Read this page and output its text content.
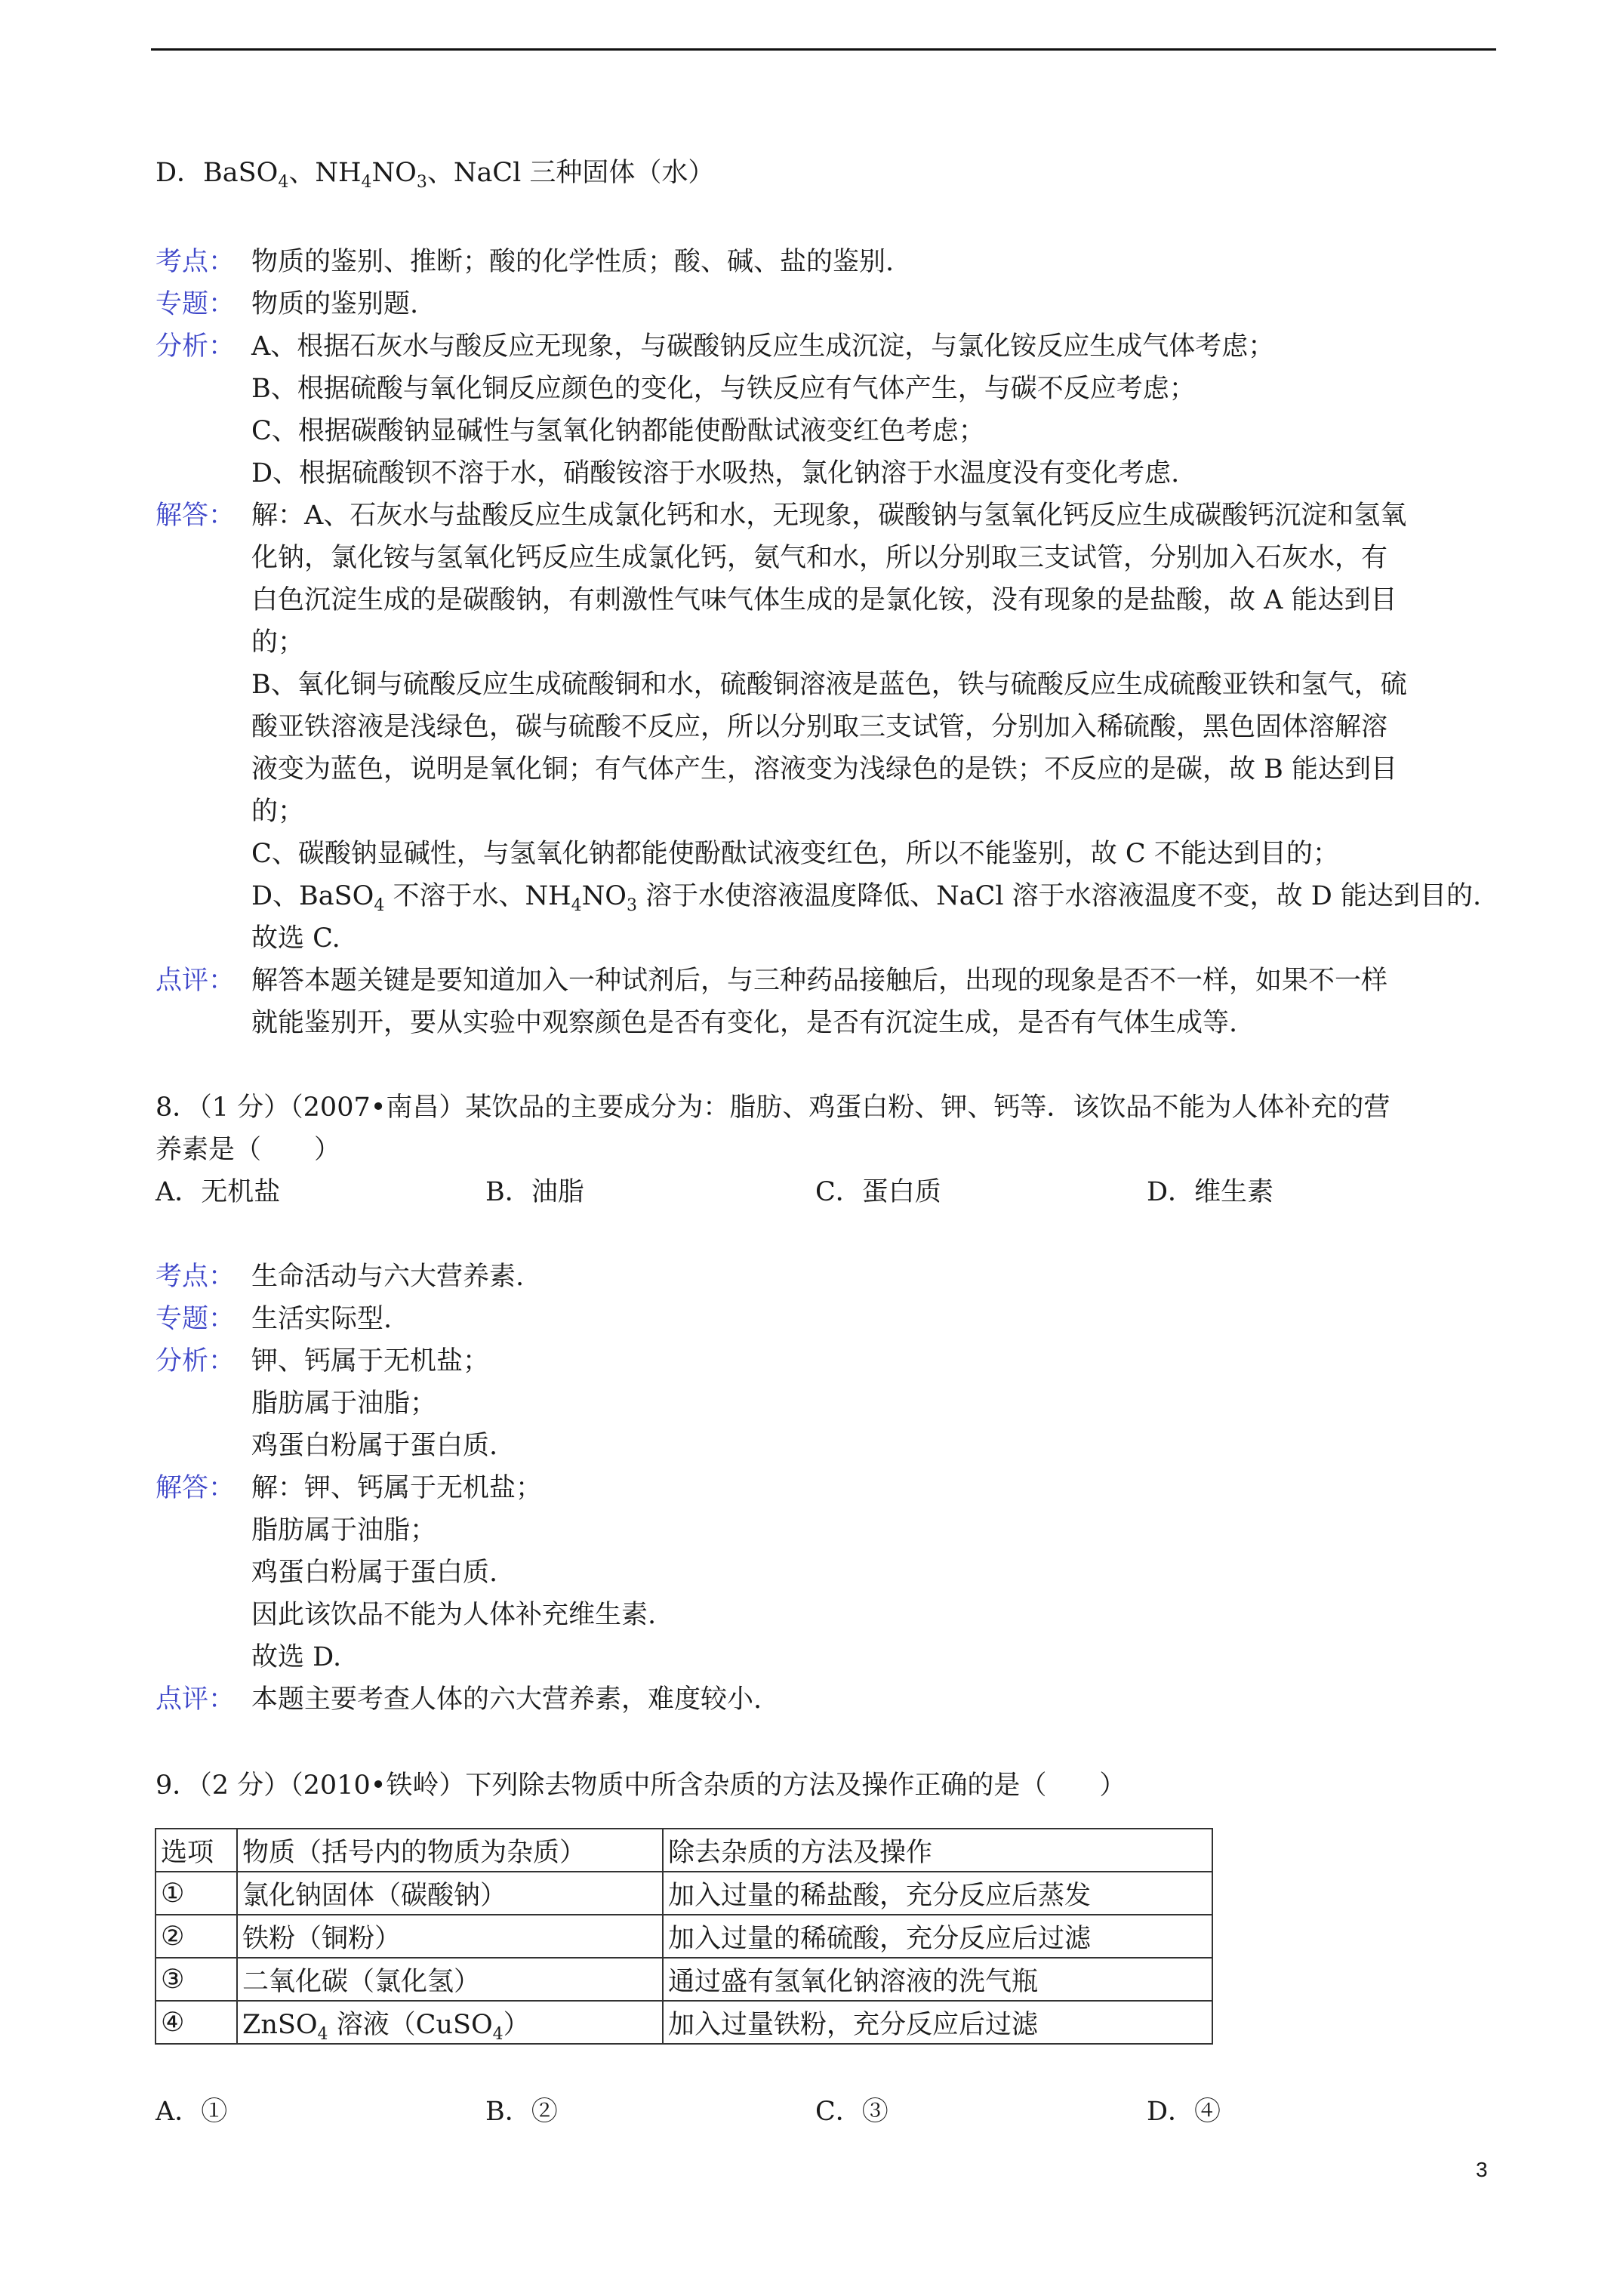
D．BaSO$_4$、$NH_4NO_3$、NaCl 三种固体（水）
考点： 物质的鉴别、推断；酸的化学性质；酸、碱、盐的鉴别.
专题： 物质的鉴别题.
分析： A、根据石灰水与酸反应无现象，与碳酸钠反应生成沉淀，与氯化铵反应生成气体考虑；
B、根据硫酸与氧化铜反应颜色的变化，与铁反应有气体产生，与碳不反应考虑；
C、根据碳酸钠显碱性与氢氧化钠都能使酚酞试液变红色考虑；
D、根据硫酸钡不溶于水，硝酸铵溶于水吸热，氯化钠溶于水温度没有变化考虑.
解答： 解：A、石灰水与盐酸反应生成氯化钙和水，无现象，碳酸钠与氢氧化钙反应生成碳酸钙沉淀和氢氧
化钠，氯化铵与氢氧化钙反应生成氯化钙，氨气和水，所以分别取三支试管，分别加入石灰水，有
白色沉淀生成的是碳酸钠，有刺激性气味气体生成的是氯化铵，没有现象的是盐酸，故 A 能达到目
的；
B、氧化铜与硫酸反应生成硫酸铜和水，硫酸铜溶液是蓝色，铁与硫酸反应生成硫酸亚铁和氢气，硫
酸亚铁溶液是浅绿色，碳与硫酸不反应，所以分别取三支试管，分别加入稀硫酸，黑色固体溶解溶
液变为蓝色，说明是氧化铜；有气体产生，溶液变为浅绿色的是铁；不反应的是碳，故 B 能达到目
的；
C、碳酸钠显碱性，与氢氧化钠都能使酚酞试液变红色，所以不能鉴别，故 C 不能达到目的；
D、BaSO$_4$ 不溶于水、$NH_4NO_3$ 溶于水使溶液温度降低、NaCl 溶于水溶液温度不变，故 D 能达到目的.
故选 C.
点评： 解答本题关键是要知道加入一种试剂后，与三种药品接触后，出现的现象是否不一样，如果不一样
就能鉴别开，要从实验中观察颜色是否有变化，是否有沉淀生成，是否有气体生成等.
8．（1 分）（2007•南昌）某饮品的主要成分为：脂肪、鸡蛋白粉、钾、钙等．该饮品不能为人体补充的营
养素是（　　）
A．无机盐	B．油脂	C．蛋白质	D．维生素
考点： 生命活动与六大营养素.
专题： 生活实际型.
分析： 钾、钙属于无机盐；
脂肪属于油脂；
鸡蛋白粉属于蛋白质.
解答： 解：钾、钙属于无机盐；
脂肪属于油脂；
鸡蛋白粉属于蛋白质.
因此该饮品不能为人体补充维生素.
故选 D.
点评： 本题主要考查人体的六大营养素，难度较小.
9．（2 分）（2010•铁岭）下列除去物质中所含杂质的方法及操作正确的是（　　）
选项	物质（括号内的物质为杂质）	除去杂质的方法及操作
①	氯化钠固体（碳酸钠）	加入过量的稀盐酸，充分反应后蒸发
②	铁粉（铜粉）	加入过量的稀硫酸，充分反应后过滤
③	二氧化碳（氯化氢）	通过盛有氢氧化钠溶液的洗气瓶
④	ZnSO$_4$ 溶液（CuSO$_4$）	加入过量铁粉，充分反应后过滤
A．①	B．②	C．③	D．④
3
